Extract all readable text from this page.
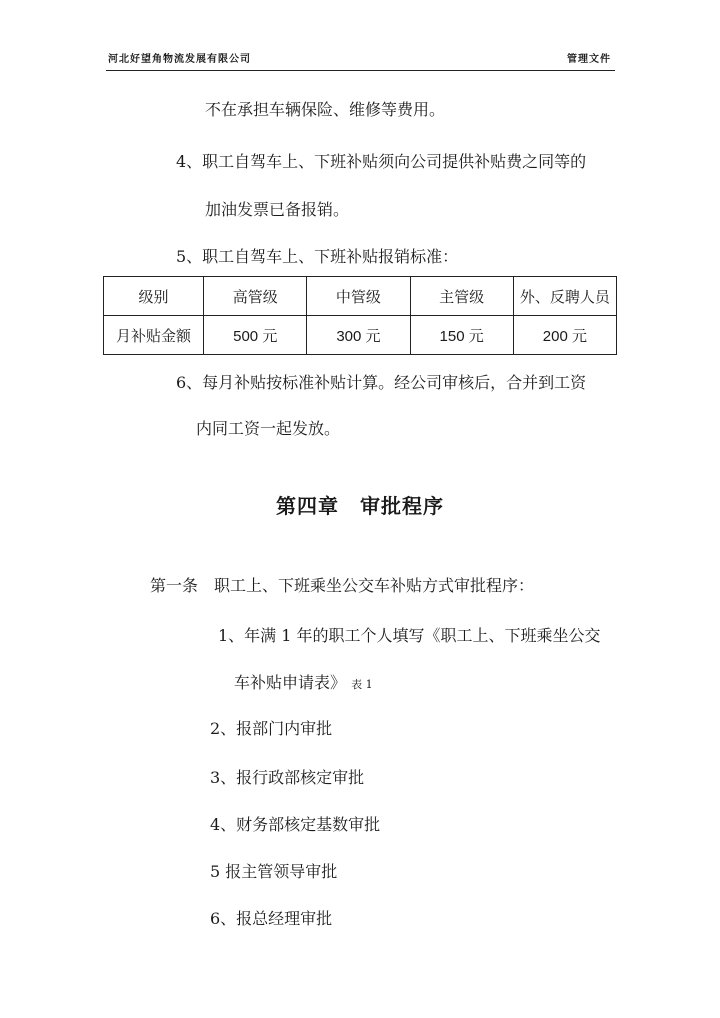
河北好望角物流发展有限公司	管理文件
不在承担车辆保险、维修等费用。
4、职工自驾车上、下班补贴须向公司提供补贴费之同等的
加油发票已备报销。
5、职工自驾车上、下班补贴报销标准：
级别	高管级	中管级	主管级	外、反聘人员
月补贴金额	500 元	300 元	150 元	200 元
6、每月补贴按标准补贴计算。经公司审核后，合并到工资
内同工资一起发放。
第四章　审批程序
第一条　职工上、下班乘坐公交车补贴方式审批程序：
1、年满 1 年的职工个人填写《职工上、下班乘坐公交
车补贴申请表》 表 1
2、报部门内审批
3、报行政部核定审批
4、财务部核定基数审批
5 报主管领导审批
6、报总经理审批
